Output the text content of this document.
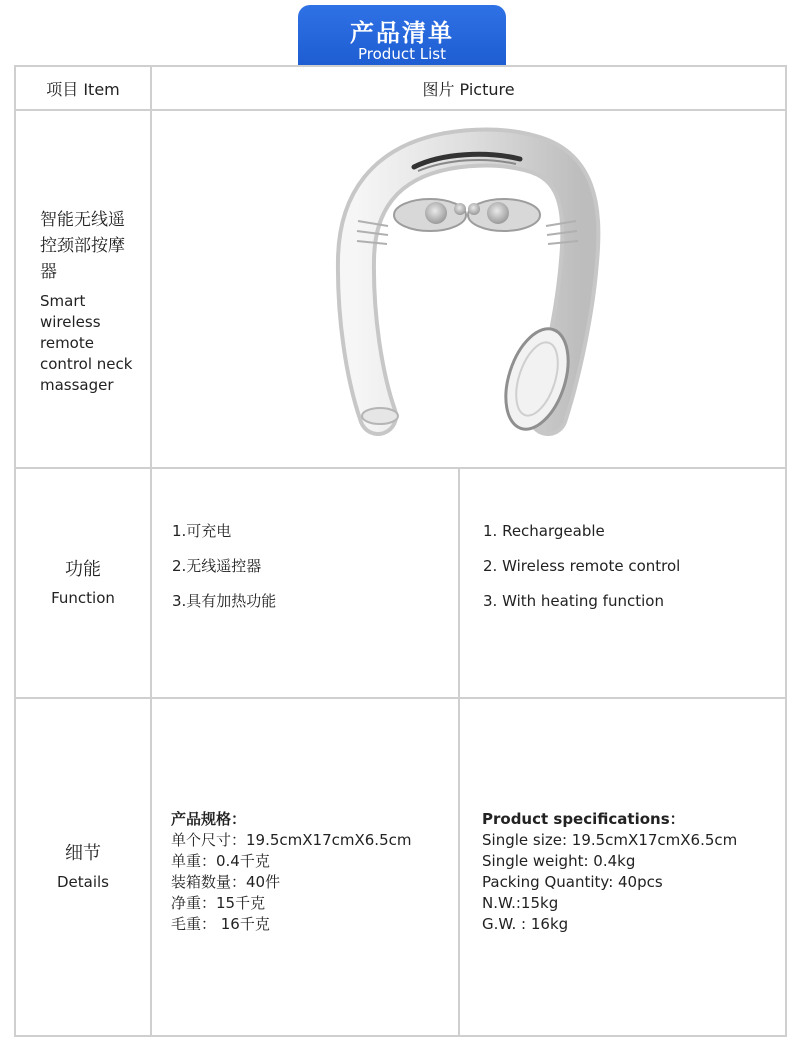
项目 Item	图片 Picture
智能无线遥控颈部按摩器
Smart wireless remote control neck massager
功能
Function
1.可充电
2.无线遥控器
3.具有加热功能
1. Rechargeable
2. Wireless remote control
3. With heating function
细节
Details
产品规格：
单个尺寸：19.5cmX17cmX6.5cm
单重：0.4千克
装箱数量：40件
净重：15千克
毛重： 16千克
Product specifications：
Single size: 19.5cmX17cmX6.5cm
Single weight: 0.4kg
Packing Quantity: 40pcs
N.W.:15kg
G.W. : 16kg
产品清单
Product List
